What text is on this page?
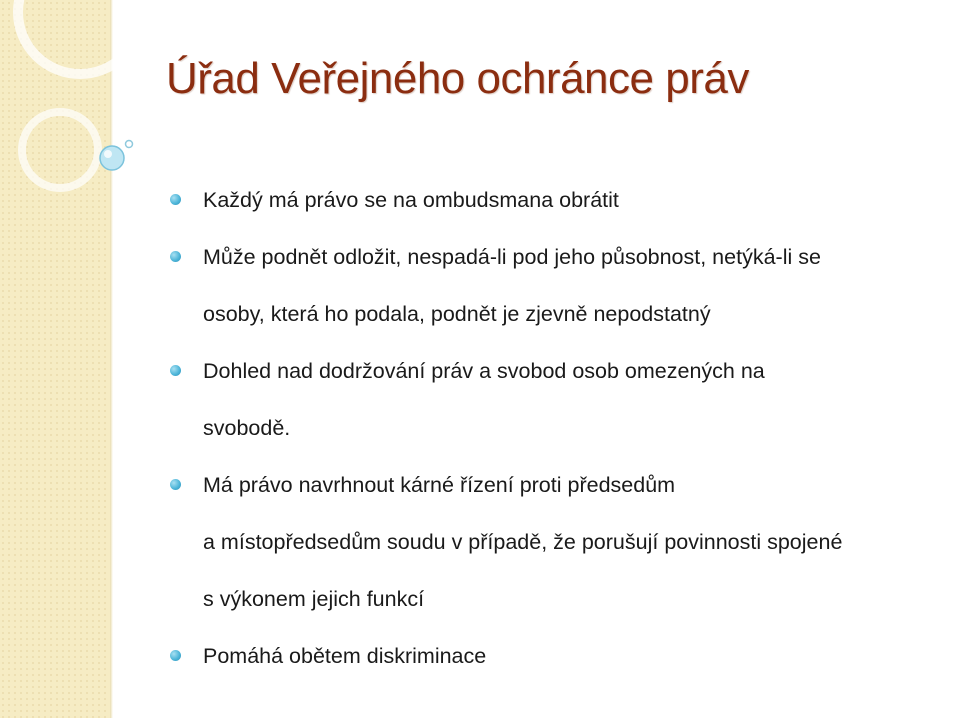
Úřad Veřejného ochránce práv
Každý má právo se na ombudsmana obrátit
Může podnět odložit, nespadá-li pod jeho působnost, netýká-li se
osoby, která ho podala, podnět je zjevně nepodstatný
Dohled nad dodržování práv a svobod osob omezených na
svobodě.
Má právo navrhnout kárné řízení proti předsedům
a místopředsedům soudu v případě, že porušují povinnosti spojené
s výkonem jejich funkcí
Pomáhá obětem diskriminace
